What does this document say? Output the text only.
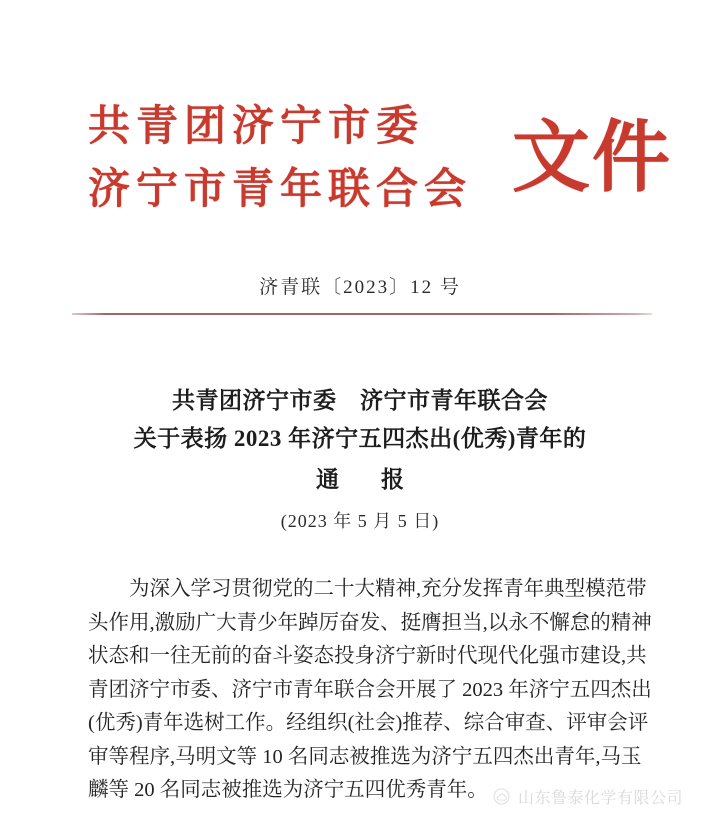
共青团济宁市委
济宁市青年联合会 文件
济青联〔2023〕12 号
共青团济宁市委　济宁市青年联合会
关于表扬 2023 年济宁五四杰出(优秀)青年的
通报
(2023 年 5 月 5 日)
为深入学习贯彻党的二十大精神,充分发挥青年典型模范带
头作用,激励广大青少年踔厉奋发、挺膺担当,以永不懈怠的精神
状态和一往无前的奋斗姿态投身济宁新时代现代化强市建设,共
青团济宁市委、济宁市青年联合会开展了 2023 年济宁五四杰出
(优秀)青年选树工作。经组织(社会)推荐、综合审查、评审会评
审等程序,马明文等 10 名同志被推选为济宁五四杰出青年,马玉
麟等 20 名同志被推选为济宁五四优秀青年。	山东鲁泰化学有限公司
